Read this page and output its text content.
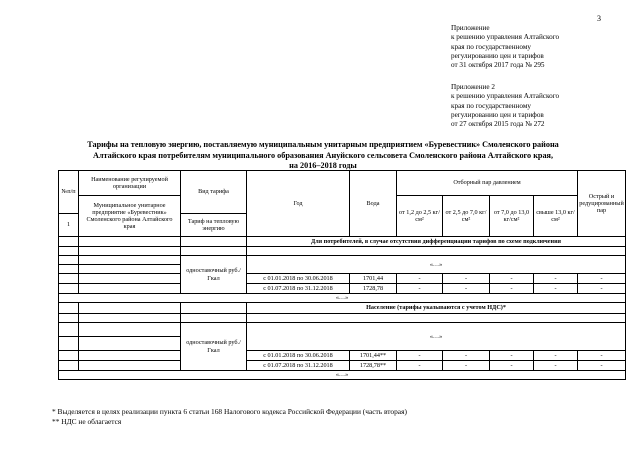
3
Приложение
к решению управления Алтайского
края по государственному
регулированию цен и тарифов
от 31 октября 2017 года № 295
Приложение 2
к решению управления Алтайского
края по государственному
регулированию цен и тарифов
от 27 октября 2015 года № 272
Тарифы на тепловую энергию, поставляемую муниципальным унитарным предприятием «Буревестник» Смоленского района
Алтайского края потребителям муниципального образования Ануйского сельсовета Смоленского района Алтайского края,
на 2016–2018 годы
№п/п	Наименование регулируемой организации	Вид тарифа	Год	Вода	Отборный пар давлением				Острый и редуцированный пар
	Муниципальное унитарное предприятие «Буревестник» Смоленского района Алтайского края				от 1,2 до 2,5 кг/см²	от 2,5 до 7,0 кг/см²	от 7,0 до 13,0 кг/см²	свыше 13,0 кг/см²	
1		Тариф на тепловую энергию							
			Для потребителей, в случае отсутствия дифференциации тарифов по схеме подключения						

		одноставочный руб./Гкал	«…»						

			с 01.01.2018 по 30.06.2018	1701,44	-	-	-	-	-
			с 01.07.2018 по 31.12.2018	1728,78	-	-	-	-	-
«…»									
			Население (тарифы указываются с учетом НДС)*						

		одноставочный руб./Гкал	«…»						

			с 01.01.2018 по 30.06.2018	1701,44**	-	-	-	-	-
			с 01.07.2018 по 31.12.2018	1728,78**	-	-	-	-	-
«…»									
* Выделяется в целях реализации пункта 6 статьи 168 Налогового кодекса Российской Федерации (часть вторая)
** НДС не облагается
